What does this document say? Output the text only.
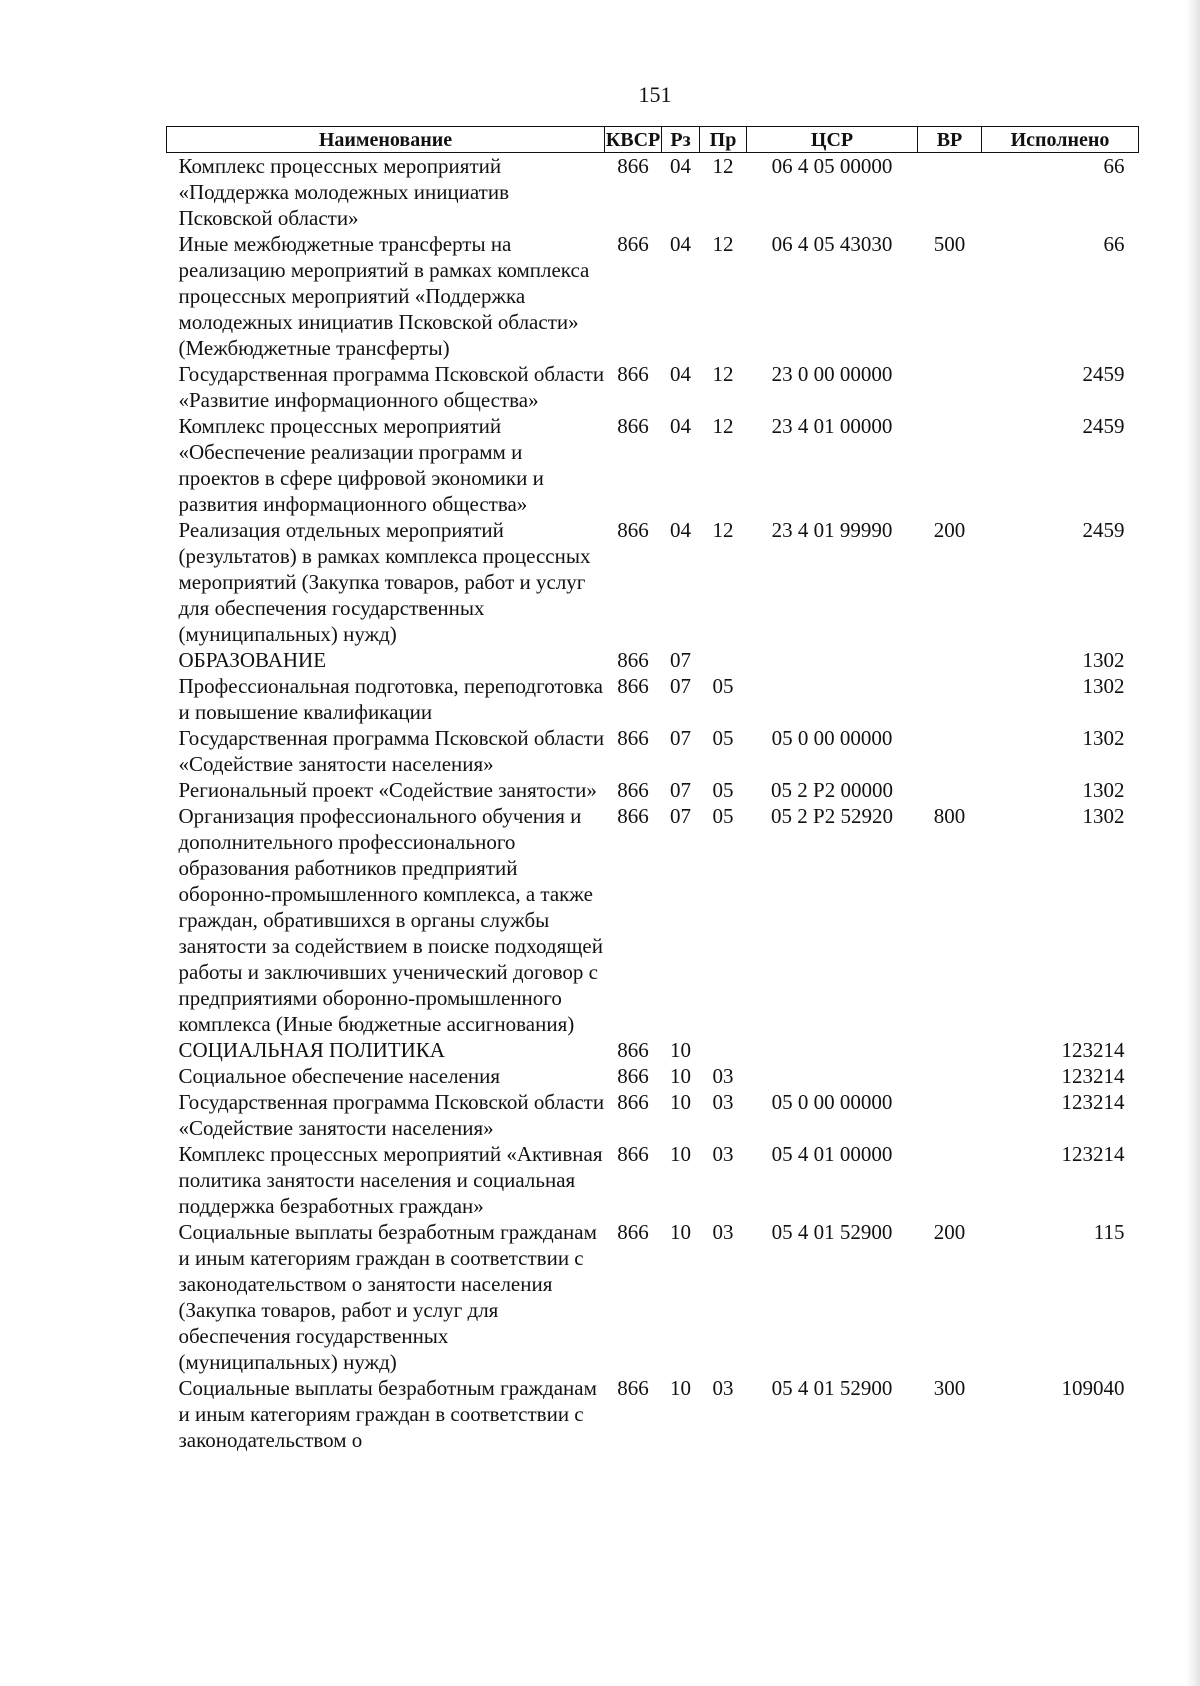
151
Наименование	КВСР	Рз	Пр	ЦСР	ВР	Исполнено
Комплекс процессных мероприятий «Поддержка молодежных инициатив Псковской области»	866	04	12	06 4 05 00000		66
Иные межбюджетные трансферты на реализацию мероприятий в рамках комплекса процессных мероприятий «Поддержка молодежных инициатив Псковской области» (Межбюджетные трансферты)	866	04	12	06 4 05 43030	500	66
Государственная программа Псковской области «Развитие информационного общества»	866	04	12	23 0 00 00000		2459
Комплекс процессных мероприятий «Обеспечение реализации программ и проектов в сфере цифровой экономики и развития информационного общества»	866	04	12	23 4 01 00000		2459
Реализация отдельных мероприятий (результатов) в рамках комплекса процессных мероприятий (Закупка товаров, работ и услуг для обеспечения государственных (муниципальных) нужд)	866	04	12	23 4 01 99990	200	2459
ОБРАЗОВАНИЕ	866	07				1302
Профессиональная подготовка, переподготовка и повышение квалификации	866	07	05			1302
Государственная программа Псковской области «Содействие занятости населения»	866	07	05	05 0 00 00000		1302
Региональный проект «Содействие занятости»	866	07	05	05 2 P2 00000		1302
Организация профессионального обучения и дополнительного профессионального образования работников предприятий оборонно-промышленного комплекса, а также граждан, обратившихся в органы службы занятости за содействием в поиске подходящей работы и заключивших ученический договор с предприятиями оборонно-промышленного комплекса (Иные бюджетные ассигнования)	866	07	05	05 2 P2 52920	800	1302
СОЦИАЛЬНАЯ ПОЛИТИКА	866	10				123214
Социальное обеспечение населения	866	10	03			123214
Государственная программа Псковской области «Содействие занятости населения»	866	10	03	05 0 00 00000		123214
Комплекс процессных мероприятий «Активная политика занятости населения и социальная поддержка безработных граждан»	866	10	03	05 4 01 00000		123214
Социальные выплаты безработным гражданам и иным категориям граждан в соответствии с законодательством о занятости населения (Закупка товаров, работ и услуг для обеспечения государственных (муниципальных) нужд)	866	10	03	05 4 01 52900	200	115
Социальные выплаты безработным гражданам и иным категориям граждан в соответствии с законодательством о	866	10	03	05 4 01 52900	300	109040
